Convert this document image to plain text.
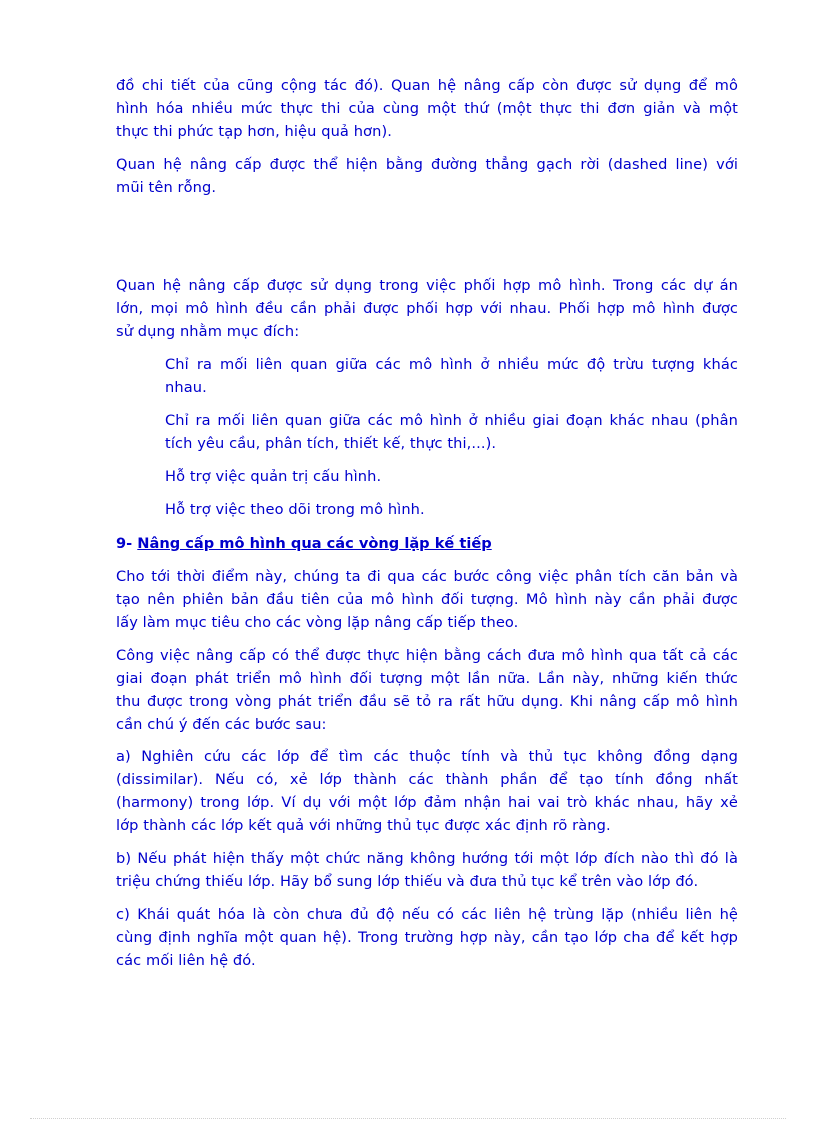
đồ chi tiết của cũng cộng tác đó). Quan hệ nâng cấp còn được sử dụng để mô
hình hóa nhiều mức thực thi của cùng một thứ (một thực thi đơn giản và một
thực thi phức tạp hơn, hiệu quả hơn).

Quan hệ nâng cấp được thể hiện bằng đường thẳng gạch rời (dashed line) với
mũi tên rỗng.

Quan hệ nâng cấp được sử dụng trong việc phối hợp mô hình. Trong các dự án
lớn, mọi mô hình đều cần phải được phối hợp với nhau. Phối hợp mô hình được
sử dụng nhằm mục đích:

Chỉ ra mối liên quan giữa các mô hình ở nhiều mức độ trừu tượng khác
nhau.

Chỉ ra mối liên quan giữa các mô hình ở nhiều giai đoạn khác nhau (phân
tích yêu cầu, phân tích, thiết kế, thực thi,...).

Hỗ trợ việc quản trị cấu hình.

Hỗ trợ việc theo dõi trong mô hình.

9- Nâng cấp mô hình qua các vòng lặp kế tiếp

Cho tới thời điểm này, chúng ta đi qua các bước công việc phân tích căn bản và
tạo nên phiên bản đầu tiên của mô hình đối tượng. Mô hình này cần phải được
lấy làm mục tiêu cho các vòng lặp nâng cấp tiếp theo.

Công việc nâng cấp có thể được thực hiện bằng cách đưa mô hình qua tất cả các
giai đoạn phát triển mô hình đối tượng một lần nữa. Lần này, những kiến thức
thu được trong vòng phát triển đầu sẽ tỏ ra rất hữu dụng. Khi nâng cấp mô hình
cần chú ý đến các bước sau:

a) Nghiên cứu các lớp để tìm các thuộc tính và thủ tục không đồng dạng
(dissimilar). Nếu có, xẻ lớp thành các thành phần để tạo tính đồng nhất
(harmony) trong lớp. Ví dụ với một lớp đảm nhận hai vai trò khác nhau, hãy xẻ
lớp thành các lớp kết quả với những thủ tục được xác định rõ ràng.

b) Nếu phát hiện thấy một chức năng không hướng tới một lớp đích nào thì đó là
triệu chứng thiếu lớp. Hãy bổ sung lớp thiếu và đưa thủ tục kể trên vào lớp đó.

c) Khái quát hóa là còn chưa đủ độ nếu có các liên hệ trùng lặp (nhiều liên hệ
cùng định nghĩa một quan hệ). Trong trường hợp này, cần tạo lớp cha để kết hợp
các mối liên hệ đó.
